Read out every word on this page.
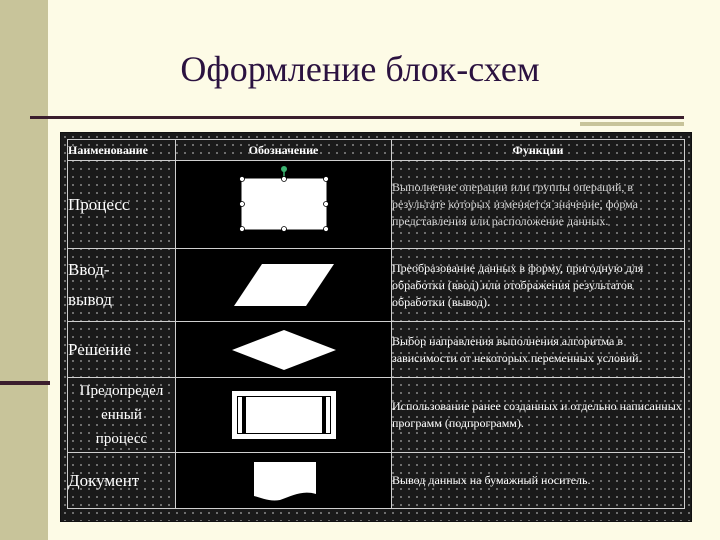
Оформление блок-схем
Наименование	Обозначение	Функции
Процесс		Выполнение операции или группы операций, в результате которых изменяется значение, форма представления или расположение данных.
Ввод-
вывод		Преобразование данных в форму, пригодную для обработки (ввод) или отображения результатов обработки (вывод).
Решение		Выбор направления выполнения алгоритма в зависимости от некоторых переменных условий.
Предопредел
енный
процесс		Использование ранее созданных и отдельно написанных программ (подпрограмм).
Документ		Вывод данных на бумажный носитель.
